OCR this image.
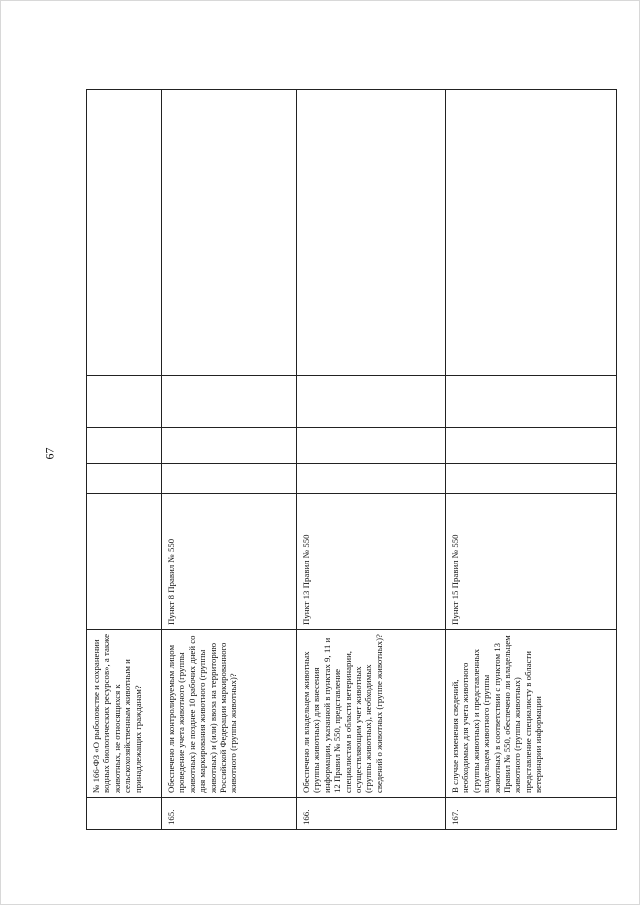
67
	№ 166-ФЗ «О рыболовстве и сохранении водных биологических ресурсов», а также животных, не относящихся к сельскохозяйственным животным и принадлежащих гражданам?					
165.	Обеспечено ли контролируемым лицом проведение учета животного (группы животных) не позднее 10 рабочих дней со дня маркирования животного (группы животных) и (или) ввоза на территорию Российской Федерации маркированного животного (группы животных)?	Пункт 8 Правил № 550				
166.	Обеспечено ли владельцем животных (группы животных) для внесения информации, указанной в пунктах 9, 11 и 12 Правил № 550, представление специалистам в области ветеринарии, осуществляющим учет животных (группы животных), необходимых сведений о животных (группе животных)?	Пункт 13 Правил № 550				
167.	В случае изменения сведений, необходимых для учета животного (группы животных) и представленных владельцем животного (группы животных) в соответствии с пунктом 13 Правил № 550, обеспечено ли владельцем животного (группы животных) представление специалисту в области ветеринарии информации	Пункт 15 Правил № 550				
